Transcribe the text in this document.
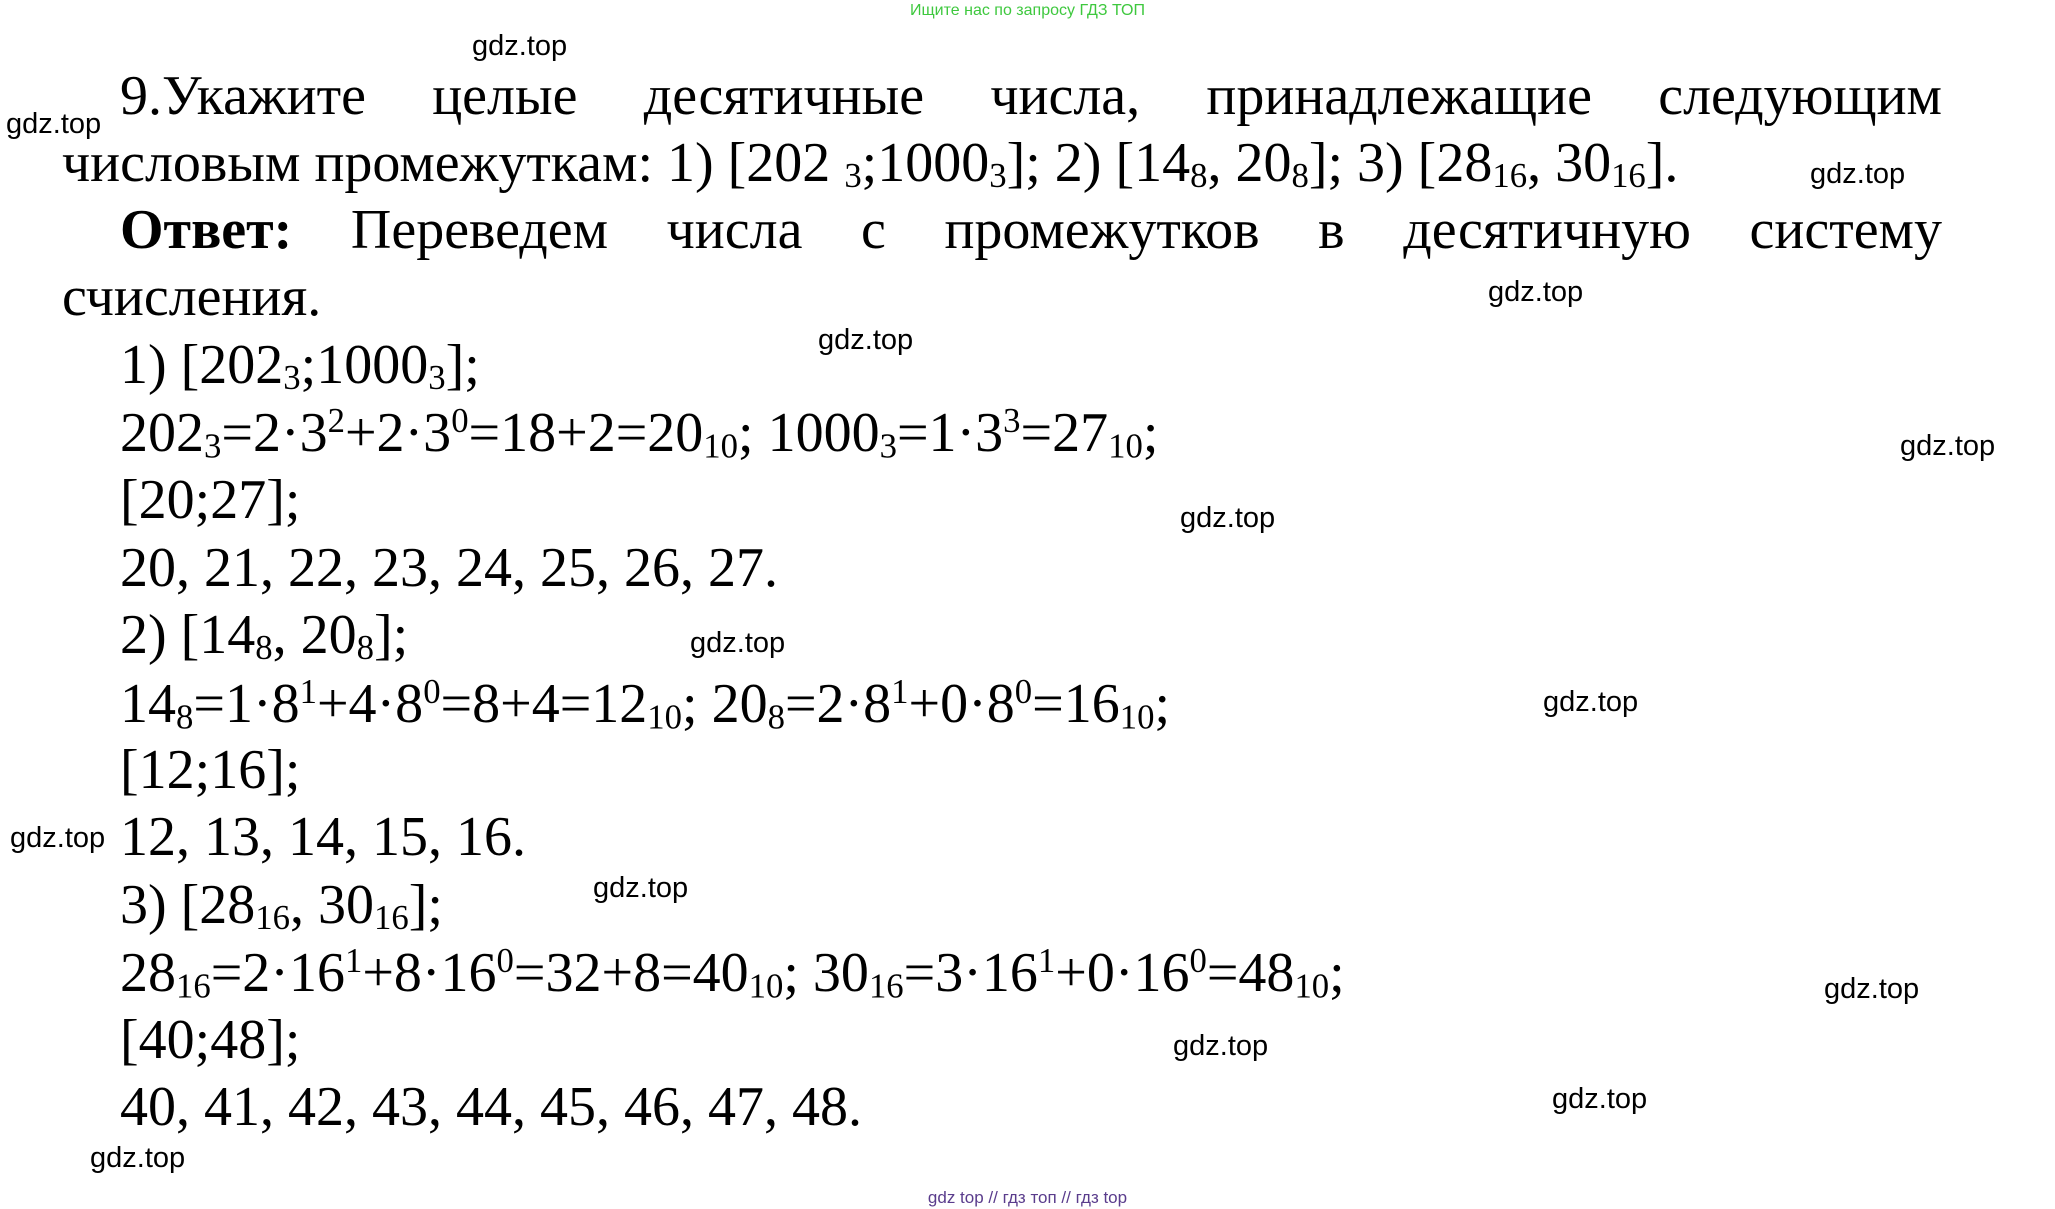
Ищите нас по запросу ГДЗ ТОП
gdz.top
gdz.top
gdz.top
gdz.top
gdz.top
gdz.top
gdz.top
gdz.top
gdz.top
gdz.top
gdz.top
gdz.top
gdz.top
gdz.top
gdz.top
9.Укажите целые десятичные числа, принадлежащие следующим
числовым промежуткам: 1) [202 3;10003]; 2) [148, 208]; 3) [2816, 3016].
Ответ: Переведем числа с промежутков в десятичную систему
счисления.
1) [2023;10003];
$2023=2\cdot 3^2+2\cdot 3^0=18+2=2010$; $10003=1\cdot 3^3=2710$;
[20;27];
20, 21, 22, 23, 24, 25, 26, 27.
2) [148, 208];
$148=1\cdot 8^1+4\cdot 8^0=8+4=1210$; $208=2\cdot 8^1+0\cdot 8^0=1610$;
[12;16];
12, 13, 14, 15, 16.
3) [2816, 3016];
$2816=2\cdot 16^1+8\cdot 16^0=32+8=4010$; $3016=3\cdot 16^1+0\cdot 16^0=4810$;
[40;48];
40, 41, 42, 43, 44, 45, 46, 47, 48.
gdz top // гдз топ // гдз top
